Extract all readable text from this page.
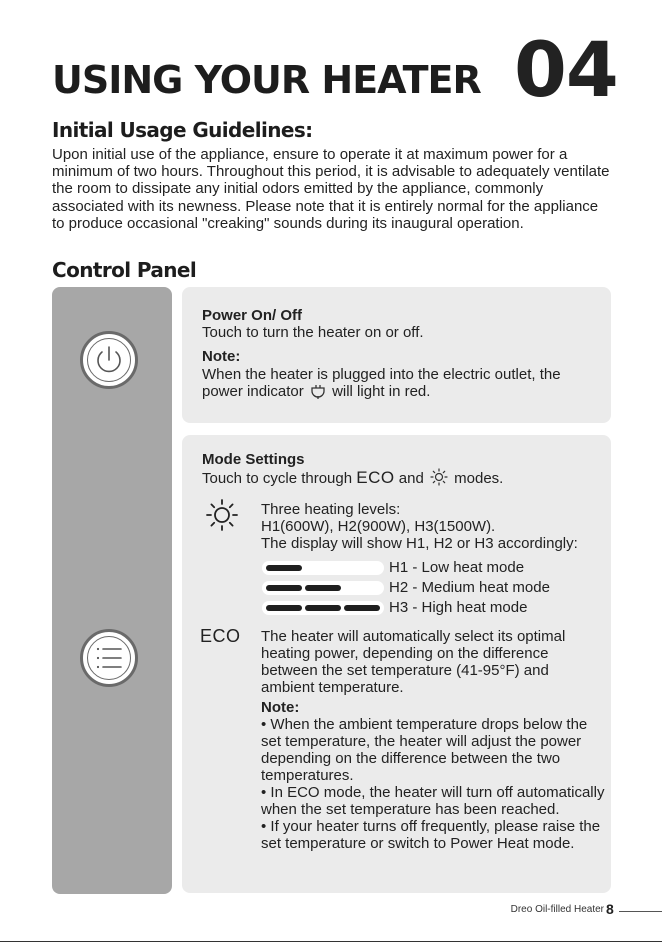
USING YOUR HEATER 04
Initial Usage Guidelines:
Upon initial use of the appliance, ensure to operate it at maximum power for a minimum of two hours. Throughout this period, it is advisable to adequately ventilate the room to dissipate any initial odors emitted by the appliance, commonly associated with its newness. Please note that it is entirely normal for the appliance to produce occasional "creaking" sounds during its inaugural operation.
Control Panel
Power On/ Off
Touch to turn the heater on or off.
Note:
When the heater is plugged into the electric outlet, the
power indicator will light in red.
Mode Settings
Touch to cycle through ECO and modes.
Three heating levels:
H1(600W), H2(900W), H3(1500W).
The display will show H1, H2 or H3 accordingly:
H1 - Low heat mode
H2 - Medium heat mode
H3 - High heat mode
ECO The heater will automatically select its optimal heating power, depending on the difference between the set temperature (41-95°F) and ambient temperature.
Note:
• When the ambient temperature drops below the set temperature, the heater will adjust the power depending on the difference between the two temperatures.
• In ECO mode, the heater will turn off automatically when the set temperature has been reached.
• If your heater turns off frequently, please raise the set temperature or switch to Power Heat mode.
Dreo Oil-filled Heater 8
